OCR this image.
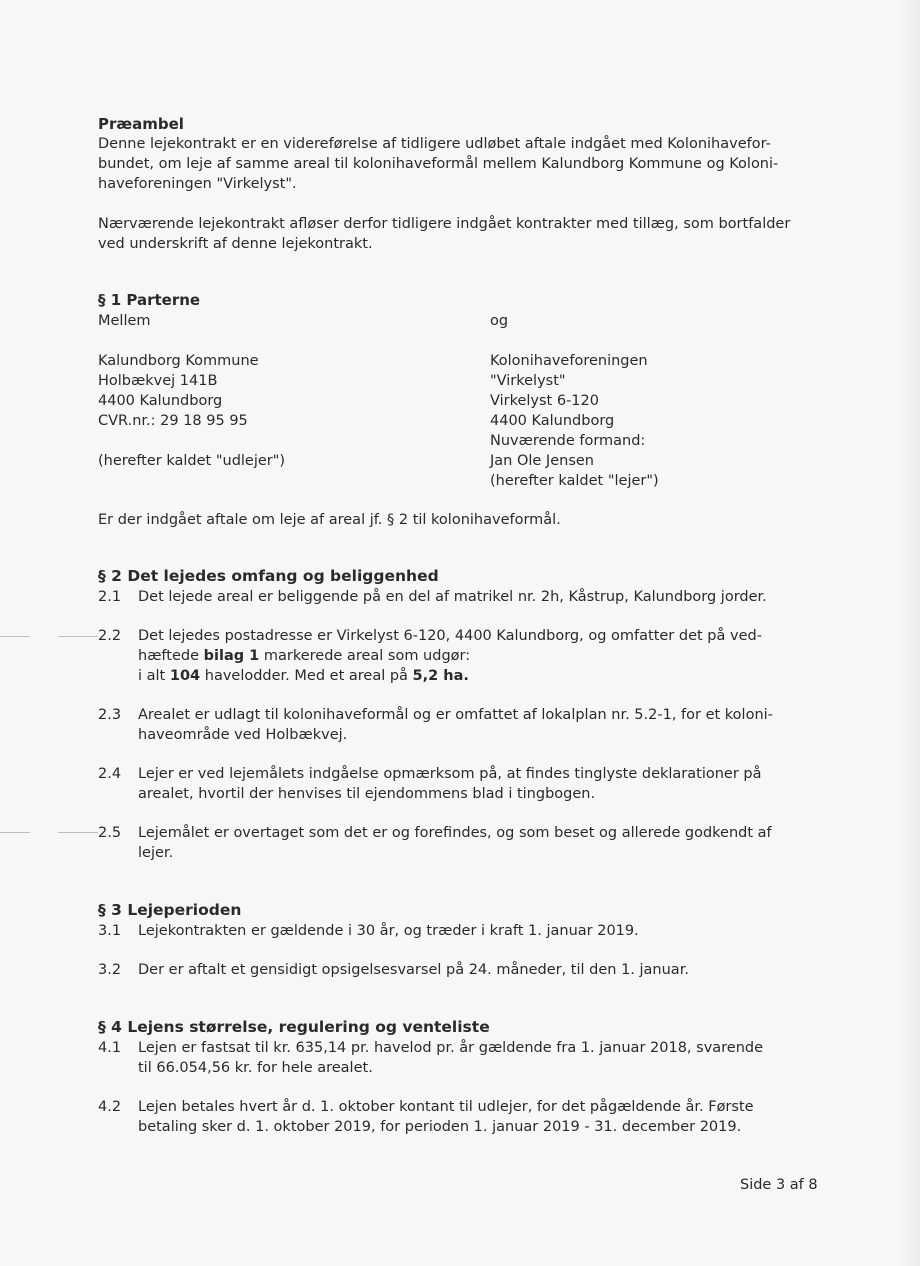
Præambel
Denne lejekontrakt er en videreførelse af tidligere udløbet aftale indgået med Kolonihavefor-
bundet, om leje af samme areal til kolonihaveformål mellem Kalundborg Kommune og Koloni-
haveforeningen "Virkelyst".
Nærværende lejekontrakt afløser derfor tidligere indgået kontrakter med tillæg, som bortfalder
ved underskrift af denne lejekontrakt.
§ 1 Parterne
Mellem	og
Kalundborg Kommune
Holbækvej 141B
4400 Kalundborg
CVR.nr.: 29 18 95 95
(herefter kaldet "udlejer")
Kolonihaveforeningen
"Virkelyst"
Virkelyst 6-120
4400 Kalundborg
Nuværende formand:
Jan Ole Jensen
(herefter kaldet "lejer")
Er der indgået aftale om leje af areal jf. § 2 til kolonihaveformål.
§ 2 Det lejedes omfang og beliggenhed
2.1 Det lejede areal er beliggende på en del af matrikel nr. 2h, Kåstrup, Kalundborg jorder.
2.2 Det lejedes postadresse er Virkelyst 6-120, 4400 Kalundborg, og omfatter det på ved-
hæftede bilag 1 markerede areal som udgør:
i alt 104 havelodder. Med et areal på 5,2 ha.
2.3 Arealet er udlagt til kolonihaveformål og er omfattet af lokalplan nr. 5.2-1, for et koloni-
haveområde ved Holbækvej.
2.4 Lejer er ved lejemålets indgåelse opmærksom på, at findes tinglyste deklarationer på
arealet, hvortil der henvises til ejendommens blad i tingbogen.
2.5 Lejemålet er overtaget som det er og forefindes, og som beset og allerede godkendt af
lejer.
§ 3 Lejeperioden
3.1 Lejekontrakten er gældende i 30 år, og træder i kraft 1. januar 2019.
3.2 Der er aftalt et gensidigt opsigelsesvarsel på 24. måneder, til den 1. januar.
§ 4 Lejens størrelse, regulering og venteliste
4.1 Lejen er fastsat til kr. 635,14 pr. havelod pr. år gældende fra 1. januar 2018, svarende
til 66.054,56 kr. for hele arealet.
4.2 Lejen betales hvert år d. 1. oktober kontant til udlejer, for det pågældende år. Første
betaling sker d. 1. oktober 2019, for perioden 1. januar 2019 - 31. december 2019.
Side 3 af 8
